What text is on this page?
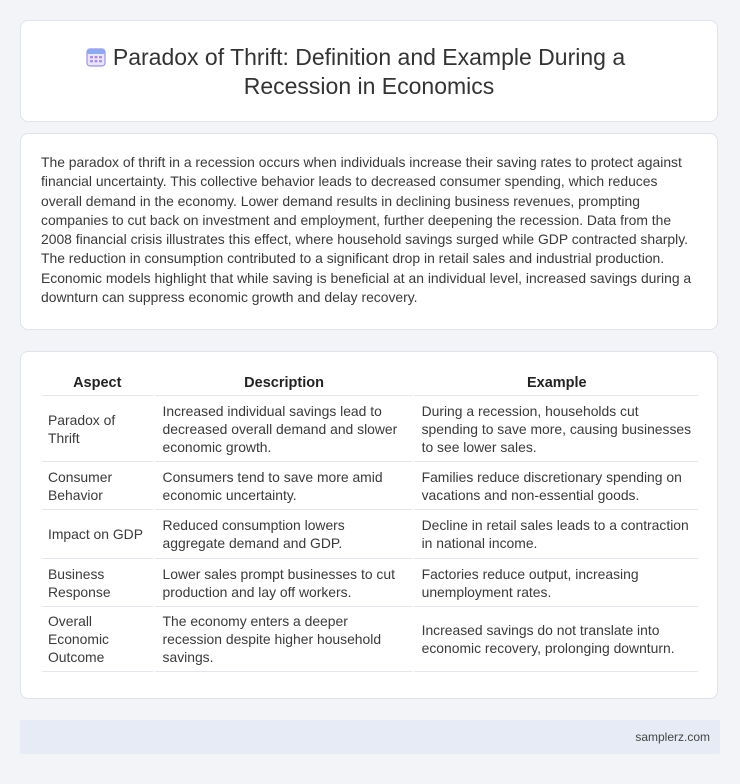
Paradox of Thrift: Definition and Example During a Recession in Economics

The paradox of thrift in a recession occurs when individuals increase their saving rates to protect against financial uncertainty. This collective behavior leads to decreased consumer spending, which reduces overall demand in the economy. Lower demand results in declining business revenues, prompting companies to cut back on investment and employment, further deepening the recession. Data from the 2008 financial crisis illustrates this effect, where household savings surged while GDP contracted sharply. The reduction in consumption contributed to a significant drop in retail sales and industrial production. Economic models highlight that while saving is beneficial at an individual level, increased savings during a downturn can suppress economic growth and delay recovery.

Aspect	Description	Example
Paradox of Thrift	Increased individual savings lead to decreased overall demand and slower economic growth.	During a recession, households cut spending to save more, causing businesses to see lower sales.
Consumer Behavior	Consumers tend to save more amid economic uncertainty.	Families reduce discretionary spending on vacations and non-essential goods.
Impact on GDP	Reduced consumption lowers aggregate demand and GDP.	Decline in retail sales leads to a contraction in national income.
Business Response	Lower sales prompt businesses to cut production and lay off workers.	Factories reduce output, increasing unemployment rates.
Overall Economic Outcome	The economy enters a deeper recession despite higher household savings.	Increased savings do not translate into economic recovery, prolonging downturn.
samplerz.com
